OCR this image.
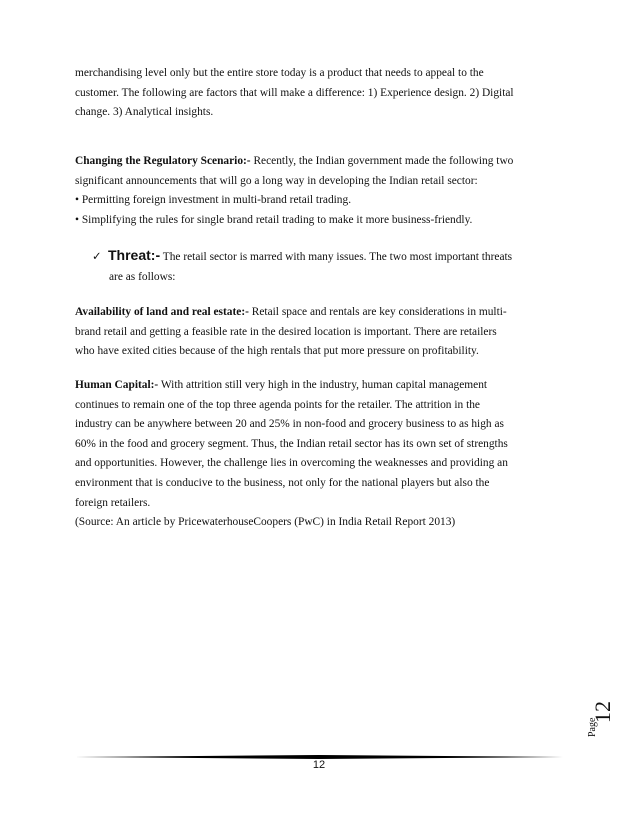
merchandising level only but the entire store today is a product that needs to appeal to the

customer. The following are factors that will make a difference: 1) Experience design. 2) Digital

change. 3) Analytical insights.

Changing the Regulatory Scenario:- Recently, the Indian government made the following two

significant announcements that will go a long way in developing the Indian retail sector:

• Permitting foreign investment in multi-brand retail trading.

• Simplifying the rules for single brand retail trading to make it more business-friendly.

✓ Threat:- The retail sector is marred with many issues. The two most important threats

are as follows:

Availability of land and real estate:- Retail space and rentals are key considerations in multi-

brand retail and getting a feasible rate in the desired location is important. There are retailers

who have exited cities because of the high rentals that put more pressure on profitability.

Human Capital:- With attrition still very high in the industry, human capital management

continues to remain one of the top three agenda points for the retailer. The attrition in the

industry can be anywhere between 20 and 25% in non-food and grocery business to as high as

60% in the food and grocery segment. Thus, the Indian retail sector has its own set of strengths

and opportunities. However, the challenge lies in overcoming the weaknesses and providing an

environment that is conducive to the business, not only for the national players but also the

foreign retailers.

(Source: An article by PricewaterhouseCoopers (PwC) in India Retail Report 2013)

Page
12
12
